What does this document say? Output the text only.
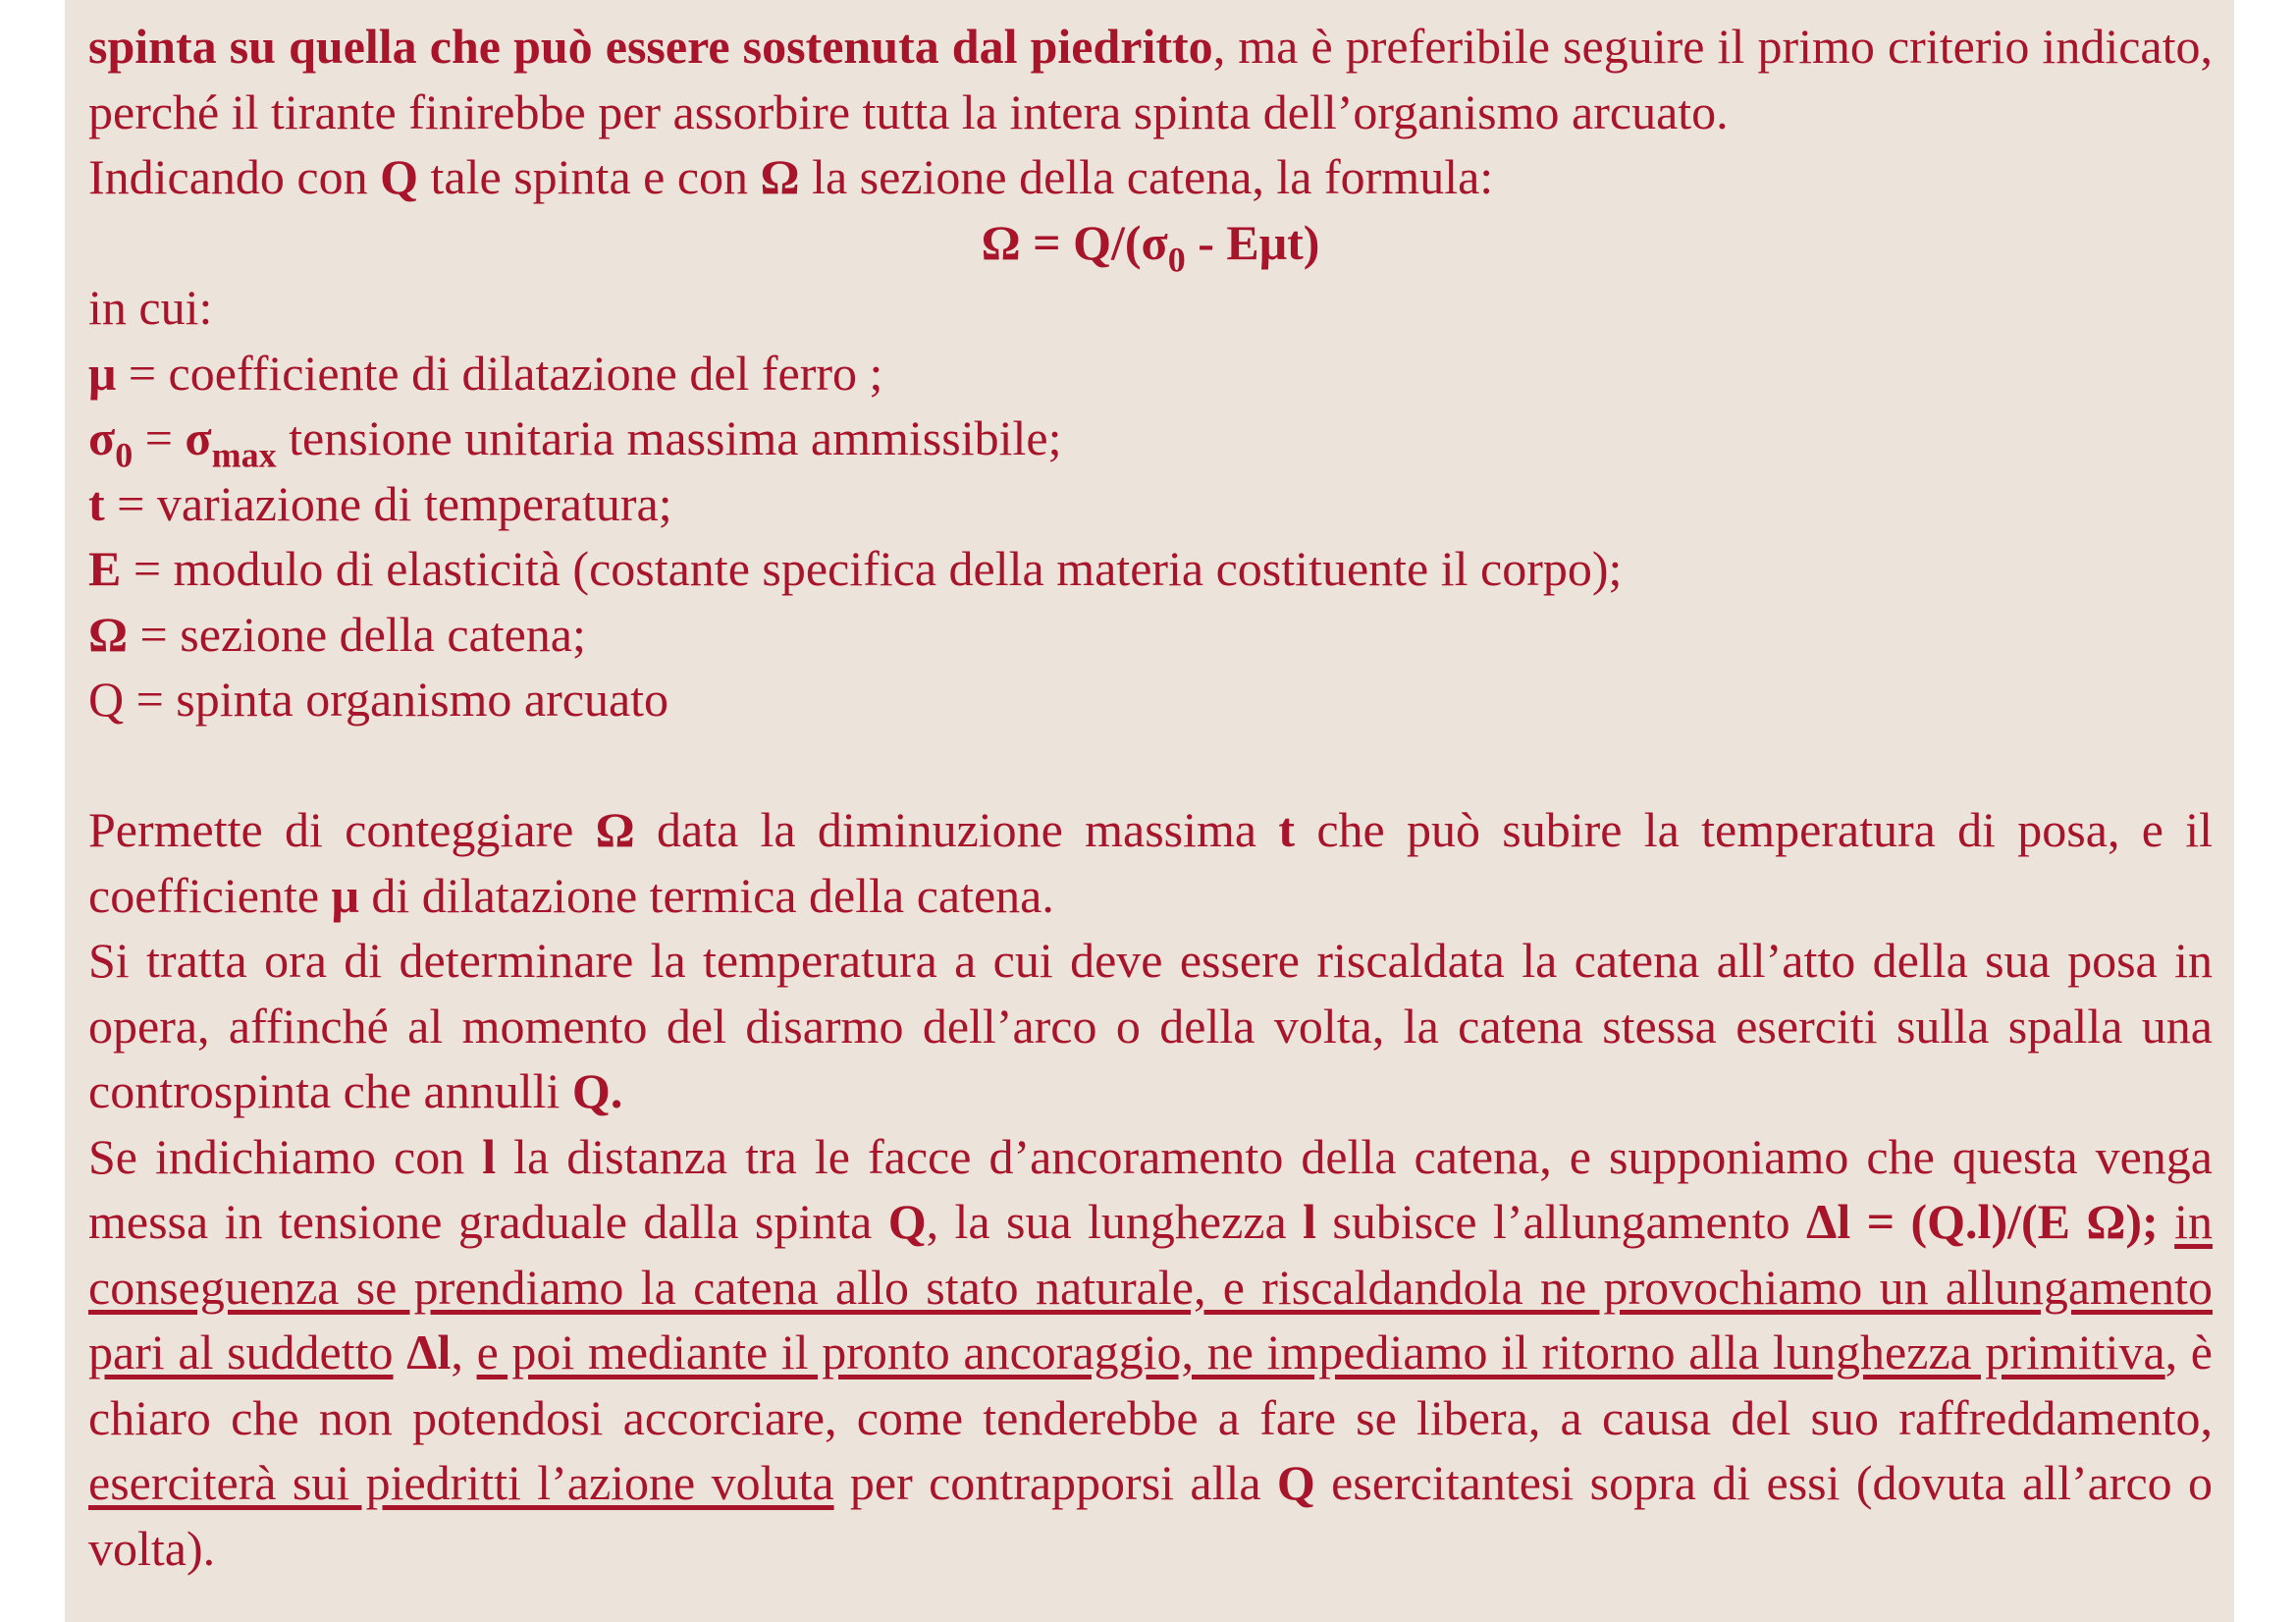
spinta su quella che può essere sostenuta dal piedritto, ma è preferibile seguire il primo criterio indicato, perché il tirante finirebbe per assorbire tutta la intera spinta dell’organismo arcuato.

Indicando con Q tale spinta e con Ω la sezione della catena, la formula:

$\Omega = Q/(\sigma_0 - E\mu t)$

in cui:

μ = coefficiente di dilatazione del ferro ;

$\sigma_0 = \sigma_{max}$ tensione unitaria massima ammissibile;

t = variazione di temperatura;

E = modulo di elasticità (costante specifica della materia costituente il corpo);

Ω = sezione della catena;

Q = spinta organismo arcuato

Permette di conteggiare Ω data la diminuzione massima t che può subire la temperatura di posa, e il coefficiente μ di dilatazione termica della catena.

Si tratta ora di determinare la temperatura a cui deve essere riscaldata la catena all’atto della sua posa in opera, affinché al momento del disarmo dell’arco o della volta, la catena stessa eserciti sulla spalla una controspinta che annulli Q.

Se indichiamo con l la distanza tra le facce d’ancoramento della catena, e supponiamo che questa venga messa in tensione graduale dalla spinta Q, la sua lunghezza l subisce l’allungamento Δl = (Q.l)/(E Ω); in conseguenza se prendiamo la catena allo stato naturale, e riscaldandola ne provochiamo un allungamento pari al suddetto Δl, e poi mediante il pronto ancoraggio, ne impediamo il ritorno alla lunghezza primitiva, è chiaro che non potendosi accorciare, come tenderebbe a fare se libera, a causa del suo raffreddamento, eserciterà sui piedritti l’azione voluta per contrapporsi alla Q esercitantesi sopra di essi (dovuta all’arco o volta).
